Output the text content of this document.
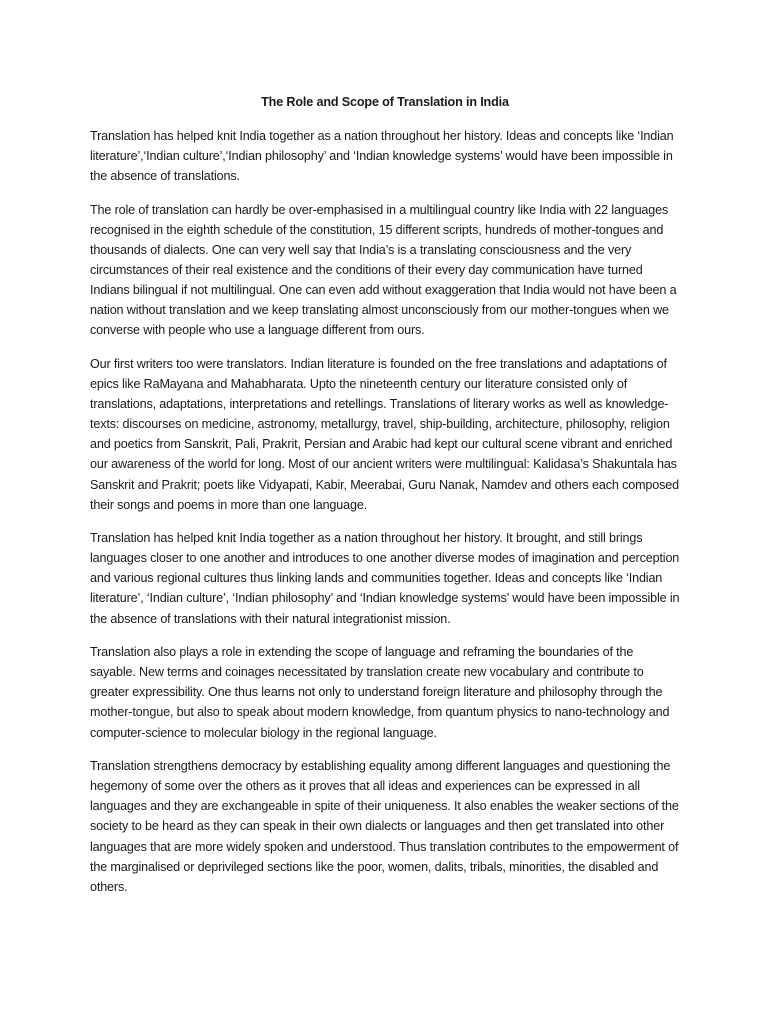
The Role and Scope of Translation in India

Translation has helped knit India together as a nation throughout her history. Ideas and concepts like ‘Indian literature’,‘Indian culture’,‘Indian philosophy’ and ‘Indian knowledge systems’ would have been impossible in the absence of translations.

The role of translation can hardly be over-emphasised in a multilingual country like India with 22 languages recognised in the eighth schedule of the constitution, 15 different scripts, hundreds of mother-tongues and thousands of dialects. One can very well say that India’s is a translating consciousness and the very circumstances of their real existence and the conditions of their every day communication have turned Indians bilingual if not multilingual. One can even add without exaggeration that India would not have been a nation without translation and we keep translating almost unconsciously from our mother-tongues when we converse with people who use a language different from ours.

Our first writers too were translators. Indian literature is founded on the free translations and adaptations of epics like RaMayana and Mahabharata. Upto the nineteenth century our literature consisted only of translations, adaptations, interpretations and retellings. Translations of literary works as well as knowledge-texts: discourses on medicine, astronomy, metallurgy, travel, ship-building, architecture, philosophy, religion and poetics from Sanskrit, Pali, Prakrit, Persian and Arabic had kept our cultural scene vibrant and enriched our awareness of the world for long. Most of our ancient writers were multilingual: Kalidasa’s Shakuntala has Sanskrit and Prakrit; poets like Vidyapati, Kabir, Meerabai, Guru Nanak, Namdev and others each composed their songs and poems in more than one language.

Translation has helped knit India together as a nation throughout her history. It brought, and still brings languages closer to one another and introduces to one another diverse modes of imagination and perception and various regional cultures thus linking lands and communities together. Ideas and concepts like ‘Indian literature’, ‘Indian culture’, ‘Indian philosophy’ and ‘Indian knowledge systems’ would have been impossible in the absence of translations with their natural integrationist mission.

Translation also plays a role in extending the scope of language and reframing the boundaries of the sayable. New terms and coinages necessitated by translation create new vocabulary and contribute to greater expressibility. One thus learns not only to understand foreign literature and philosophy through the mother-tongue, but also to speak about modern knowledge, from quantum physics to nano-technology and computer-science to molecular biology in the regional language.

Translation strengthens democracy by establishing equality among different languages and questioning the hegemony of some over the others as it proves that all ideas and experiences can be expressed in all languages and they are exchangeable in spite of their uniqueness. It also enables the weaker sections of the society to be heard as they can speak in their own dialects or languages and then get translated into other languages that are more widely spoken and understood. Thus translation contributes to the empowerment of the marginalised or deprivileged sections like the poor, women, dalits, tribals, minorities, the disabled and others.
